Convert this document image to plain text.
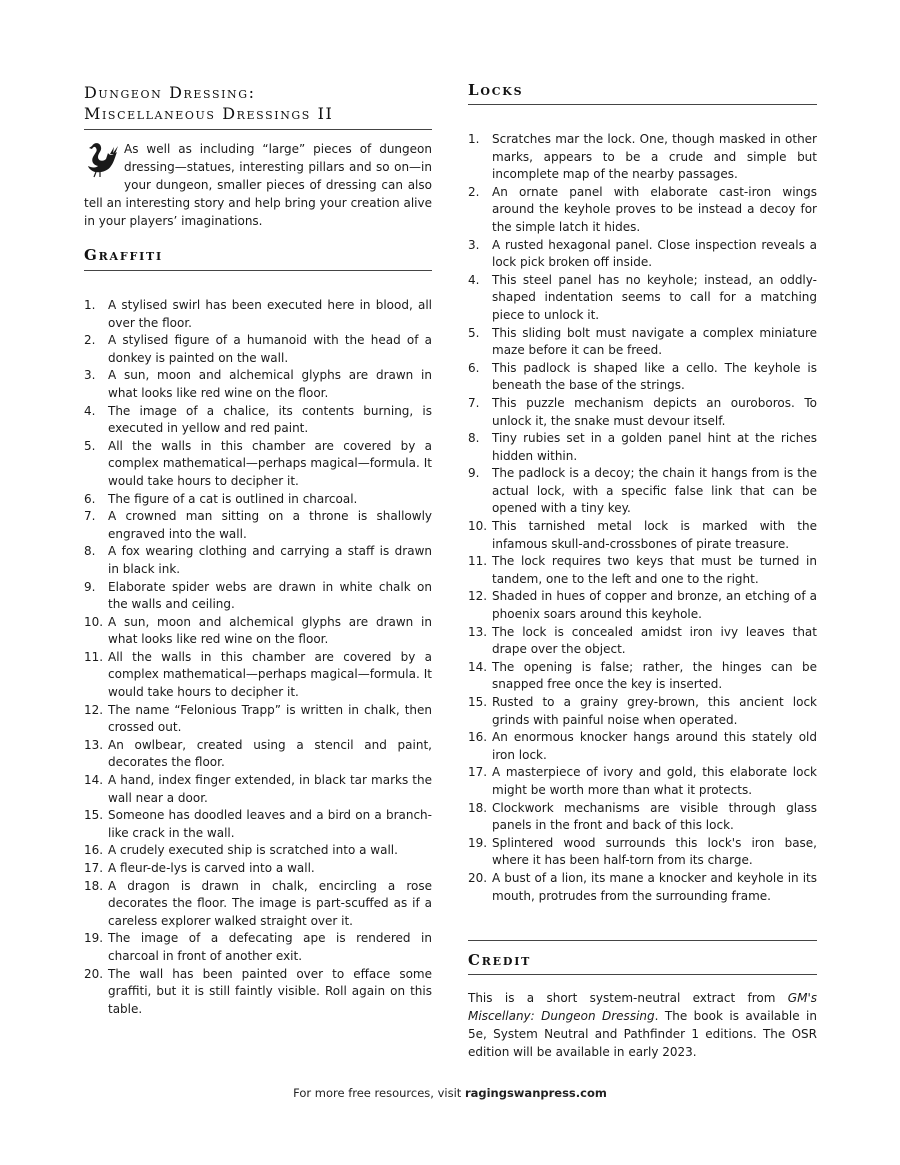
Dungeon Dressing:
Miscellaneous Dressings II
As well as including “large” pieces of dungeon dressing—statues, interesting pillars and so on—in your dungeon, smaller pieces of dressing can also tell an interesting story and help bring your creation alive in your players’ imaginations.
Graffiti
1. A stylised swirl has been executed here in blood, all over the floor.
2. A stylised figure of a humanoid with the head of a donkey is painted on the wall.
3. A sun, moon and alchemical glyphs are drawn in what looks like red wine on the floor.
4. The image of a chalice, its contents burning, is executed in yellow and red paint.
5. All the walls in this chamber are covered by a complex mathematical—perhaps magical—formula. It would take hours to decipher it.
6. The figure of a cat is outlined in charcoal.
7. A crowned man sitting on a throne is shallowly engraved into the wall.
8. A fox wearing clothing and carrying a staff is drawn in black ink.
9. Elaborate spider webs are drawn in white chalk on the walls and ceiling.
10. A sun, moon and alchemical glyphs are drawn in what looks like red wine on the floor.
11. All the walls in this chamber are covered by a complex mathematical—perhaps magical—formula. It would take hours to decipher it.
12. The name “Felonious Trapp” is written in chalk, then crossed out.
13. An owlbear, created using a stencil and paint, decorates the floor.
14. A hand, index finger extended, in black tar marks the wall near a door.
15. Someone has doodled leaves and a bird on a branch-like crack in the wall.
16. A crudely executed ship is scratched into a wall.
17. A fleur-de-lys is carved into a wall.
18. A dragon is drawn in chalk, encircling a rose decorates the floor. The image is part-scuffed as if a careless explorer walked straight over it.
19. The image of a defecating ape is rendered in charcoal in front of another exit.
20. The wall has been painted over to efface some graffiti, but it is still faintly visible. Roll again on this table.
Locks
1. Scratches mar the lock. One, though masked in other marks, appears to be a crude and simple but incomplete map of the nearby passages.
2. An ornate panel with elaborate cast-iron wings around the keyhole proves to be instead a decoy for the simple latch it hides.
3. A rusted hexagonal panel. Close inspection reveals a lock pick broken off inside.
4. This steel panel has no keyhole; instead, an oddly-shaped indentation seems to call for a matching piece to unlock it.
5. This sliding bolt must navigate a complex miniature maze before it can be freed.
6. This padlock is shaped like a cello. The keyhole is beneath the base of the strings.
7. This puzzle mechanism depicts an ouroboros. To unlock it, the snake must devour itself.
8. Tiny rubies set in a golden panel hint at the riches hidden within.
9. The padlock is a decoy; the chain it hangs from is the actual lock, with a specific false link that can be opened with a tiny key.
10. This tarnished metal lock is marked with the infamous skull-and-crossbones of pirate treasure.
11. The lock requires two keys that must be turned in tandem, one to the left and one to the right.
12. Shaded in hues of copper and bronze, an etching of a phoenix soars around this keyhole.
13. The lock is concealed amidst iron ivy leaves that drape over the object.
14. The opening is false; rather, the hinges can be snapped free once the key is inserted.
15. Rusted to a grainy grey-brown, this ancient lock grinds with painful noise when operated.
16. An enormous knocker hangs around this stately old iron lock.
17. A masterpiece of ivory and gold, this elaborate lock might be worth more than what it protects.
18. Clockwork mechanisms are visible through glass panels in the front and back of this lock.
19. Splintered wood surrounds this lock's iron base, where it has been half-torn from its charge.
20. A bust of a lion, its mane a knocker and keyhole in its mouth, protrudes from the surrounding frame.
Credit

This is a short system-neutral extract from GM's Miscellany: Dungeon Dressing. The book is available in 5e, System Neutral and Pathfinder 1 editions. The OSR edition will be available in early 2023.

For more free resources, visit ragingswanpress.com
